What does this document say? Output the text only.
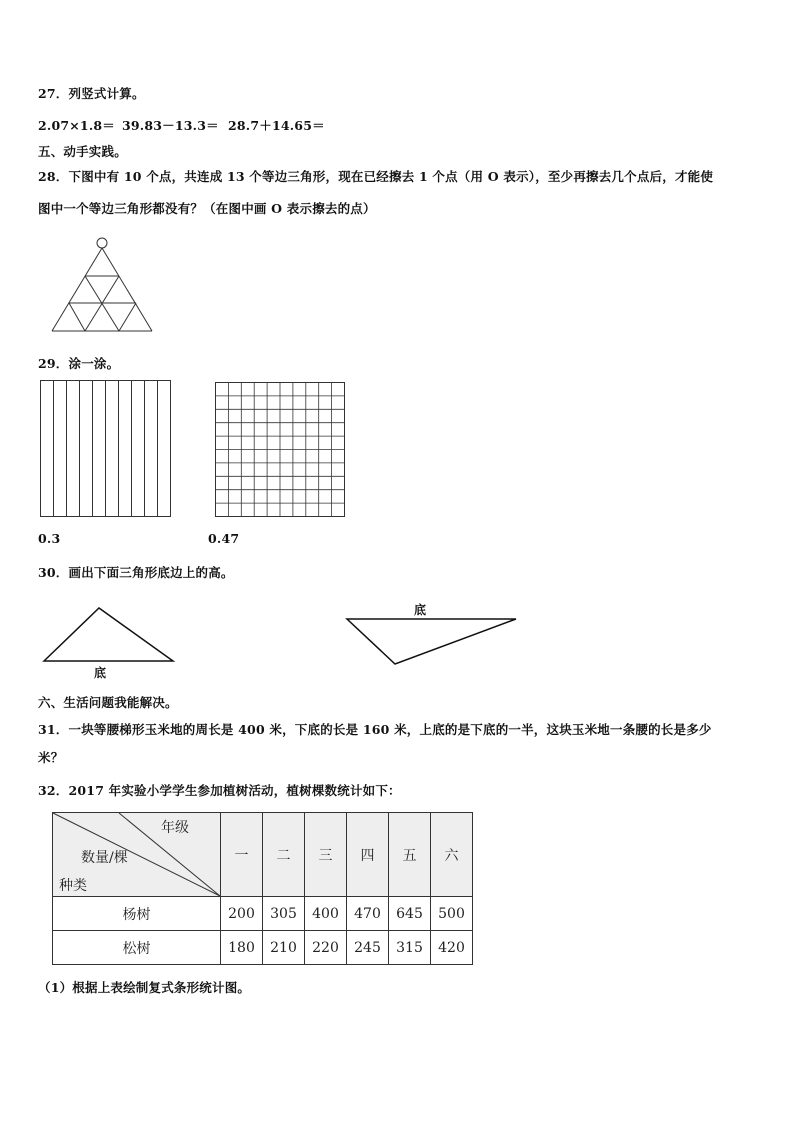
27．列竖式计算。
2.07×1.8＝ 39.83－13.3＝ 28.7＋14.65＝
五、动手实践。
28．下图中有 10 个点，共连成 13 个等边三角形，现在已经擦去 1 个点（用 O 表示），至少再擦去几个点后，才能使
图中一个等边三角形都没有？（在图中画 O 表示擦去的点）
29．涂一涂。
0.3	0.47
30．画出下面三角形底边上的高。
底
底
六、生活问题我能解决。
31．一块等腰梯形玉米地的周长是 400 米，下底的长是 160 米，上底的是下底的一半，这块玉米地一条腰的长是多少
米？
32．2017 年实验小学学生参加植树活动，植树棵数统计如下：
年级
数量/棵
种类	一	二	三	四	五	六
杨树	200	305	400	470	645	500
松树	180	210	220	245	315	420
（1）根据上表绘制复式条形统计图。
